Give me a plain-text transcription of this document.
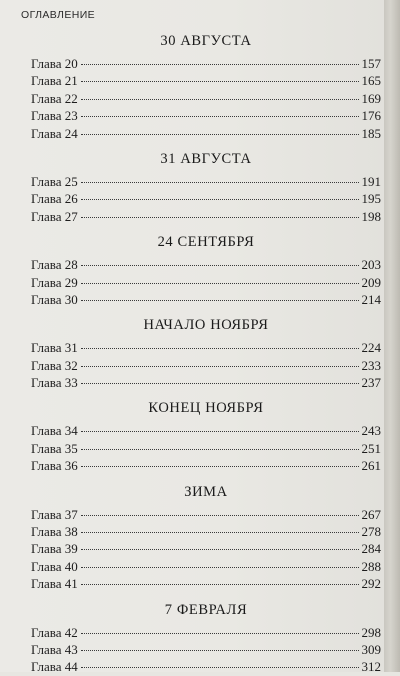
ОГЛАВЛЕНИЕ
30 АВГУСТА
Глава 20	157
Глава 21	165
Глава 22	169
Глава 23	176
Глава 24	185
31 АВГУСТА
Глава 25	191
Глава 26	195
Глава 27	198
24 СЕНТЯБРЯ
Глава 28	203
Глава 29	209
Глава 30	214
НАЧАЛО НОЯБРЯ
Глава 31	224
Глава 32	233
Глава 33	237
КОНЕЦ НОЯБРЯ
Глава 34	243
Глава 35	251
Глава 36	261
ЗИМА
Глава 37	267
Глава 38	278
Глава 39	284
Глава 40	288
Глава 41	292
7 ФЕВРАЛЯ
Глава 42	298
Глава 43	309
Глава 44	312
